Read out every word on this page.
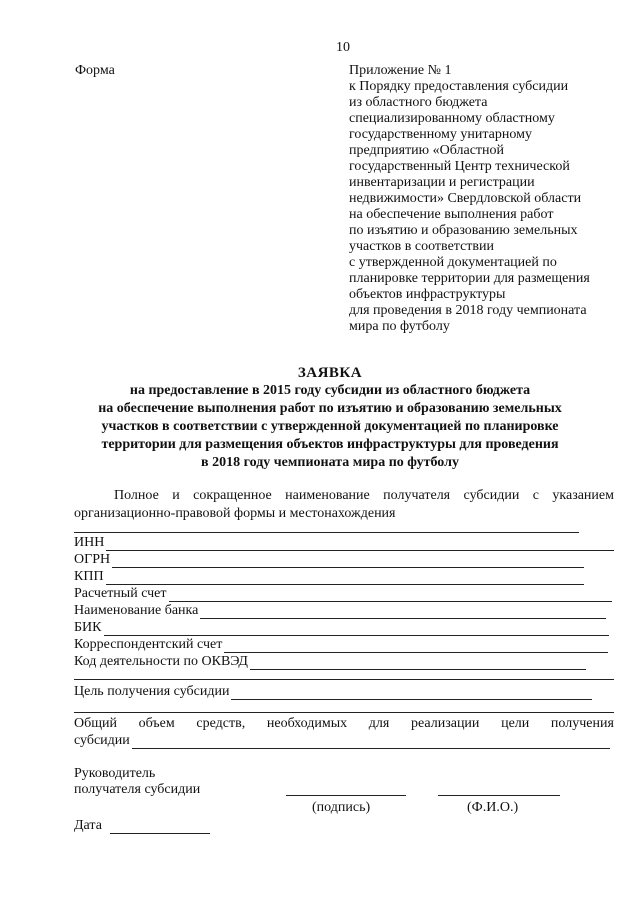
10
Форма	Приложение № 1
к Порядку предоставления субсидии
из областного бюджета
специализированному областному
государственному унитарному
предприятию «Областной
государственный Центр технической
инвентаризации и регистрации
недвижимости» Свердловской области
на обеспечение выполнения работ
по изъятию и образованию земельных
участков в соответствии
с утвержденной документацией по
планировке территории для размещения
объектов инфраструктуры
для проведения в 2018 году чемпионата
мира по футболу
ЗАЯВКА
на предоставление в 2015 году субсидии из областного бюджета
на обеспечение выполнения работ по изъятию и образованию земельных
участков в соответствии с утвержденной документацией по планировке
территории для размещения объектов инфраструктуры для проведения
в 2018 году чемпионата мира по футболу
Полное и сокращенное наименование получателя субсидии с указанием организационно-правовой формы и местонахождения
ИНН
ОГРН
КПП
Расчетный счет
Наименование банка
БИК
Корреспондентский счет
Код деятельности по ОКВЭД
Цель получения субсидии
Общий объем средств, необходимых для реализации цели получения
субсидии
Руководитель
получателя субсидии
(подпись)	(Ф.И.О.)
Дата
